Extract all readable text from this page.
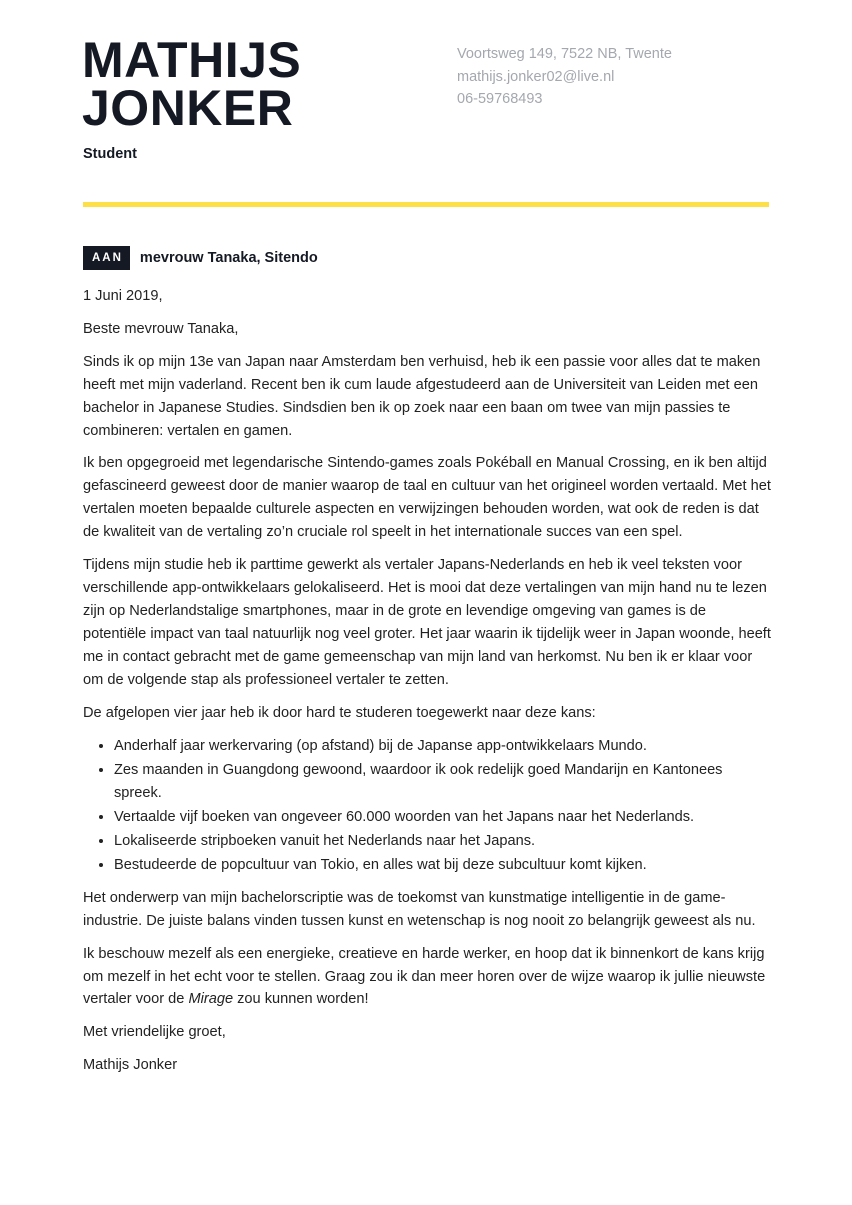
MATHIJS
JONKER
Student
Voortsweg 149, 7522 NB, Twente
mathijs.jonker02@live.nl
06-59768493
AAN	mevrouw Tanaka, Sitendo

1 Juni 2019,

Beste mevrouw Tanaka,

Sinds ik op mijn 13e van Japan naar Amsterdam ben verhuisd, heb ik een passie voor alles dat te maken heeft met mijn vaderland. Recent ben ik cum laude afgestudeerd aan de Universiteit van Leiden met een bachelor in Japanese Studies. Sindsdien ben ik op zoek naar een baan om twee van mijn passies te combineren: vertalen en gamen.

Ik ben opgegroeid met legendarische Sintendo-games zoals Pokéball en Manual Crossing, en ik ben altijd gefascineerd geweest door de manier waarop de taal en cultuur van het origineel worden vertaald. Met het vertalen moeten bepaalde culturele aspecten en verwijzingen behouden worden, wat ook de reden is dat de kwaliteit van de vertaling zo’n cruciale rol speelt in het internationale succes van een spel.

Tijdens mijn studie heb ik parttime gewerkt als vertaler Japans-Nederlands en heb ik veel teksten voor verschillende app-ontwikkelaars gelokaliseerd. Het is mooi dat deze vertalingen van mijn hand nu te lezen zijn op Nederlandstalige smartphones, maar in de grote en levendige omgeving van games is de potentiële impact van taal natuurlijk nog veel groter. Het jaar waarin ik tijdelijk weer in Japan woonde, heeft me in contact gebracht met de game gemeenschap van mijn land van herkomst. Nu ben ik er klaar voor om de volgende stap als professioneel vertaler te zetten.

De afgelopen vier jaar heb ik door hard te studeren toegewerkt naar deze kans:

• Anderhalf jaar werkervaring (op afstand) bij de Japanse app-ontwikkelaars Mundo.
• Zes maanden in Guangdong gewoond, waardoor ik ook redelijk goed Mandarijn en Kantonees spreek.
• Vertaalde vijf boeken van ongeveer 60.000 woorden van het Japans naar het Nederlands.
• Lokaliseerde stripboeken vanuit het Nederlands naar het Japans.
• Bestudeerde de popcultuur van Tokio, en alles wat bij deze subcultuur komt kijken.

Het onderwerp van mijn bachelorscriptie was de toekomst van kunstmatige intelligentie in de game-industrie. De juiste balans vinden tussen kunst en wetenschap is nog nooit zo belangrijk geweest als nu.

Ik beschouw mezelf als een energieke, creatieve en harde werker, en hoop dat ik binnenkort de kans krijg om mezelf in het echt voor te stellen. Graag zou ik dan meer horen over de wijze waarop ik jullie nieuwste vertaler voor de Mirage zou kunnen worden!

Met vriendelijke groet,

Mathijs Jonker
